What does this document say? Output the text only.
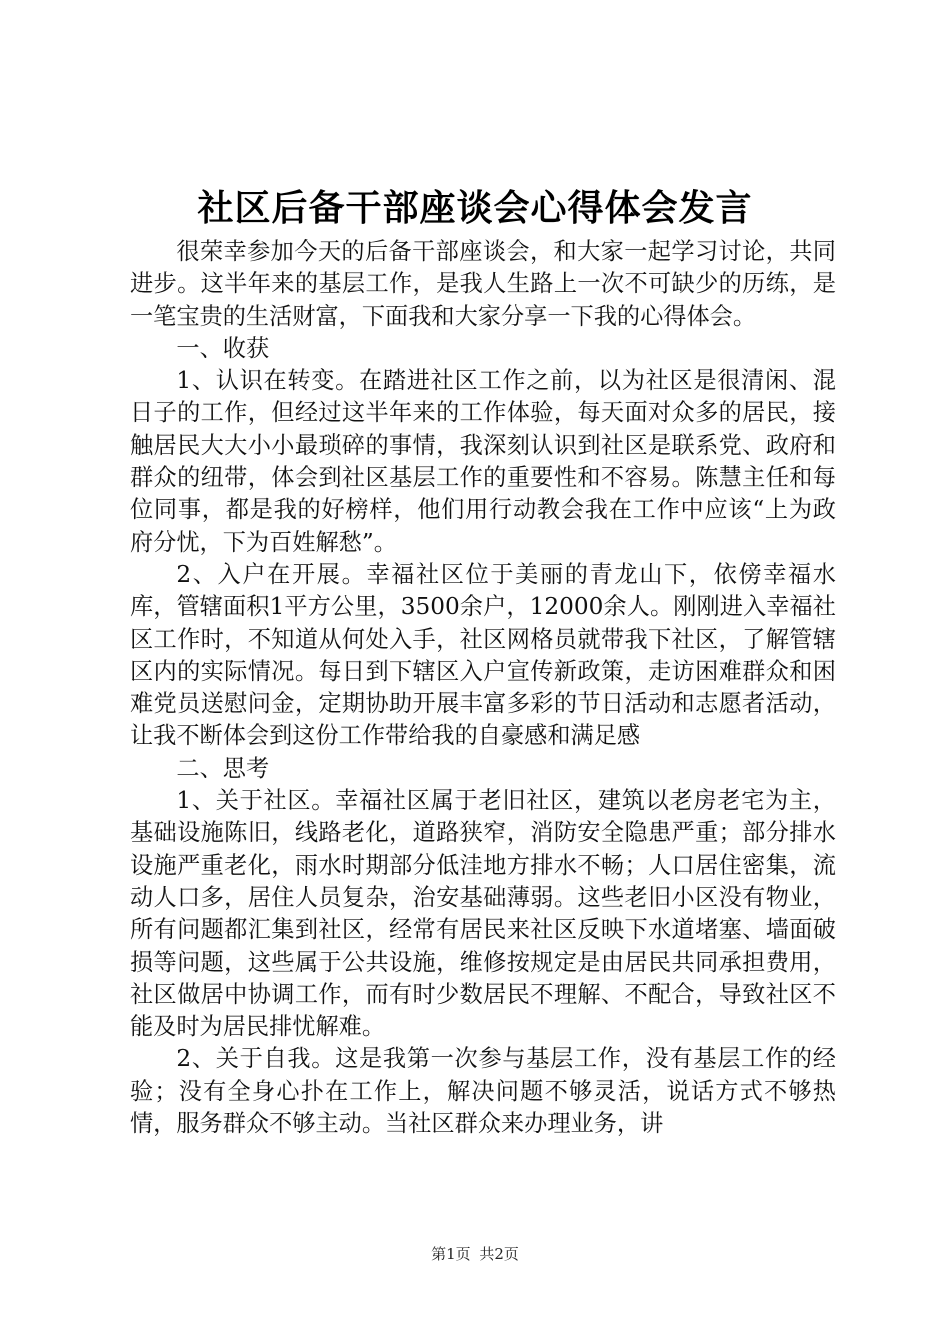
社区后备干部座谈会心得体会发言

很荣幸参加今天的后备干部座谈会，和大家一起学习讨论，共同进步。这半年来的基层工作，是我人生路上一次不可缺少的历练，是一笔宝贵的生活财富，下面我和大家分享一下我的心得体会。

一、收获

1、认识在转变。在踏进社区工作之前，以为社区是很清闲、混日子的工作，但经过这半年来的工作体验，每天面对众多的居民，接触居民大大小小最琐碎的事情，我深刻认识到社区是联系党、政府和群众的纽带，体会到社区基层工作的重要性和不容易。陈慧主任和每位同事，都是我的好榜样，他们用行动教会我在工作中应该“上为政府分忧，下为百姓解愁”。

2、入户在开展。幸福社区位于美丽的青龙山下，依傍幸福水库，管辖面积1平方公里，3500余户，12000余人。刚刚进入幸福社区工作时，不知道从何处入手，社区网格员就带我下社区，了解管辖区内的实际情况。每日到下辖区入户宣传新政策，走访困难群众和困难党员送慰问金，定期协助开展丰富多彩的节日活动和志愿者活动，让我不断体会到这份工作带给我的自豪感和满足感

二、思考

1、关于社区。幸福社区属于老旧社区，建筑以老房老宅为主，基础设施陈旧，线路老化，道路狭窄，消防安全隐患严重；部分排水设施严重老化，雨水时期部分低洼地方排水不畅；人口居住密集，流动人口多，居住人员复杂，治安基础薄弱。这些老旧小区没有物业，所有问题都汇集到社区，经常有居民来社区反映下水道堵塞、墙面破损等问题，这些属于公共设施，维修按规定是由居民共同承担费用，社区做居中协调工作，而有时少数居民不理解、不配合，导致社区不能及时为居民排忧解难。

2、关于自我。这是我第一次参与基层工作，没有基层工作的经验；没有全身心扑在工作上，解决问题不够灵活，说话方式不够热情，服务群众不够主动。当社区群众来办理业务，讲

第1页 共2页
